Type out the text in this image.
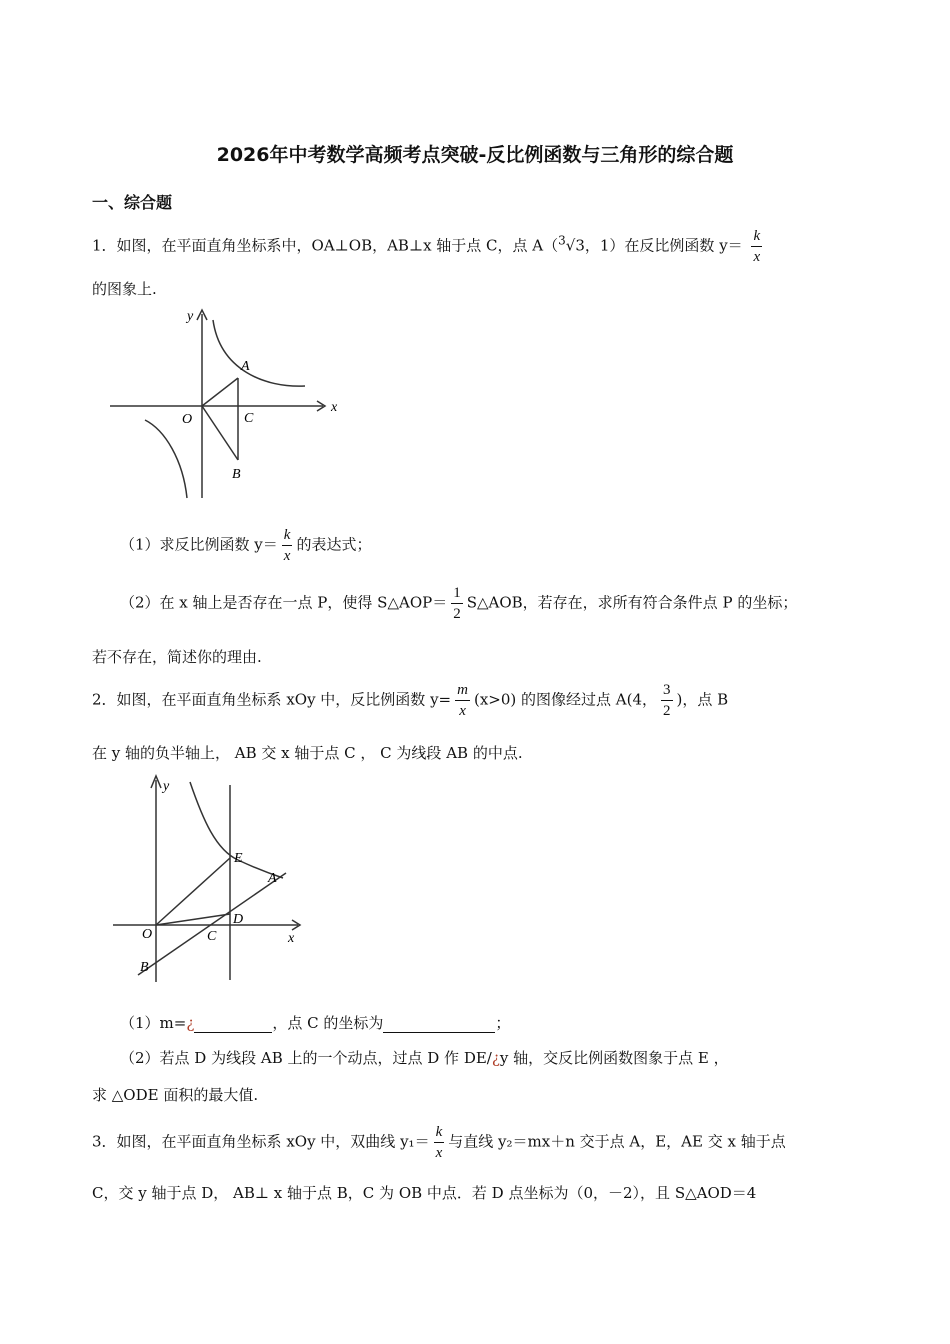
2026年中考数学高频考点突破-反比例函数与三角形的综合题
一、综合题
1．如图，在平面直角坐标系中，OA⊥OB，AB⊥x 轴于点 C，点 A（$^3$√3，1）在反比例函数 $y= \frac{k}{x}$
的图象上.
y
x
O
A
C
B
（1）求反比例函数 $y= \frac{k}{x}$ 的表达式；
（2）在 x 轴上是否存在一点 P，使得 S△AOP＝ $\frac{1}{2}$ S△AOB，若存在，求所有符合条件点 P 的坐标；
若不存在，简述你的理由.
2．如图，在平面直角坐标系 xOy 中，反比例函数 $y= \frac{m}{x} (x>0)$ 的图像经过点 A(4， $\frac{3}{2}$ )，点 B
在 y 轴的负半轴上， AB 交 x 轴于点 C ， C 为线段 AB 的中点.
y
x
O
E
A
D
C
B
（1）m=¿	，点 C 的坐标为	；
（2）若点 D 为线段 AB 上的一个动点，过点 D 作 DE/¿y 轴，交反比例函数图象于点 E ，
求 △ODE 面积的最大值.
3．如图，在平面直角坐标系 xOy 中，双曲线 $y_1= \frac{k}{x}$ 与直线 y₂＝mx＋n 交于点 A，E，AE 交 x 轴于点
C，交 y 轴于点 D， AB⊥ x 轴于点 B，C 为 OB 中点．若 D 点坐标为（0，－2），且 S△AOD＝4
